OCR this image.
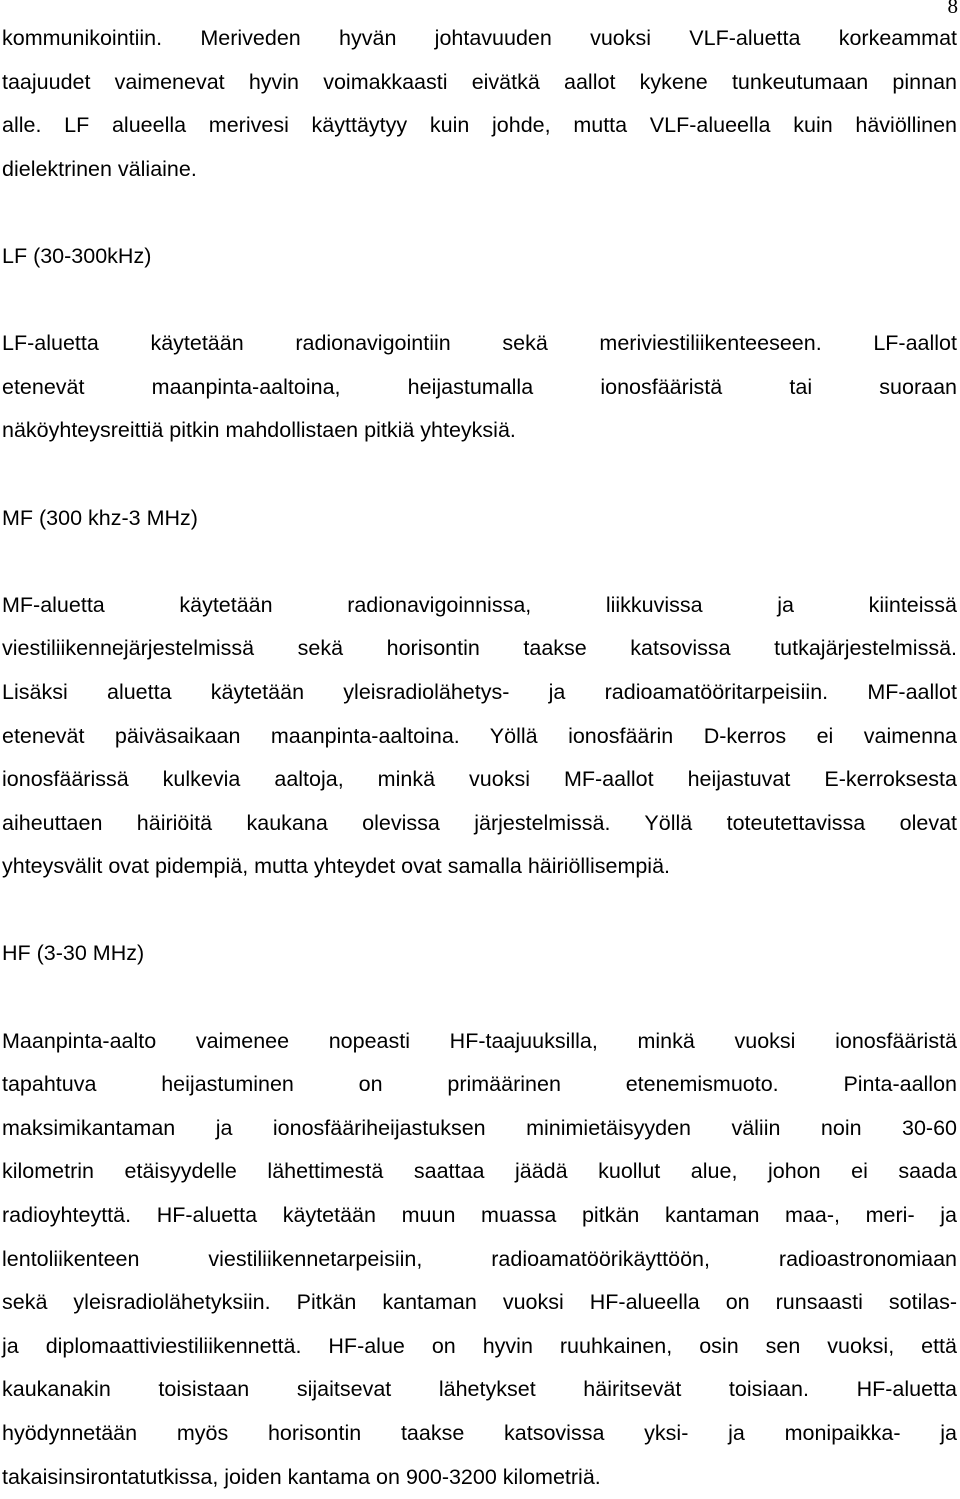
8
kommunikointiin. Meriveden hyvän johtavuuden vuoksi VLF-aluetta korkeammat
taajuudet vaimenevat hyvin voimakkaasti eivätkä aallot kykene tunkeutumaan pinnan
alle. LF alueella merivesi käyttäytyy kuin johde, mutta VLF-alueella kuin häviöllinen
dielektrinen väliaine.
LF (30-300kHz)
LF-aluetta käytetään radionavigointiin sekä meriviestiliikenteeseen. LF-aallot
etenevät maanpinta-aaltoina, heijastumalla ionosfääristä tai suoraan
näköyhteysreittiä pitkin mahdollistaen pitkiä yhteyksiä.
MF (300 khz-3 MHz)
MF-aluetta käytetään radionavigoinnissa, liikkuvissa ja kiinteissä
viestiliikennejärjestelmissä sekä horisontin taakse katsovissa tutkajärjestelmissä.
Lisäksi aluetta käytetään yleisradiolähetys- ja radioamatööritarpeisiin. MF-aallot
etenevät päiväsaikaan maanpinta-aaltoina. Yöllä ionosfäärin D-kerros ei vaimenna
ionosfäärissä kulkevia aaltoja, minkä vuoksi MF-aallot heijastuvat E-kerroksesta
aiheuttaen häiriöitä kaukana olevissa järjestelmissä. Yöllä toteutettavissa olevat
yhteysvälit ovat pidempiä, mutta yhteydet ovat samalla häiriöllisempiä.
HF (3-30 MHz)
Maanpinta-aalto vaimenee nopeasti HF-taajuuksilla, minkä vuoksi ionosfääristä
tapahtuva heijastuminen on primäärinen etenemismuoto. Pinta-aallon
maksimikantaman ja ionosfääriheijastuksen minimietäisyyden väliin noin 30-60
kilometrin etäisyydelle lähettimestä saattaa jäädä kuollut alue, johon ei saada
radioyhteyttä. HF-aluetta käytetään muun muassa pitkän kantaman maa-, meri- ja
lentoliikenteen viestiliikennetarpeisiin, radioamatöörikäyttöön, radioastronomiaan
sekä yleisradiolähetyksiin. Pitkän kantaman vuoksi HF-alueella on runsaasti sotilas-
ja diplomaattiviestiliikennettä. HF-alue on hyvin ruuhkainen, osin sen vuoksi, että
kaukanakin toisistaan sijaitsevat lähetykset häiritsevät toisiaan. HF-aluetta
hyödynnetään myös horisontin taakse katsovissa yksi- ja monipaikka- ja
takaisinsirontatutkissa, joiden kantama on 900-3200 kilometriä.
